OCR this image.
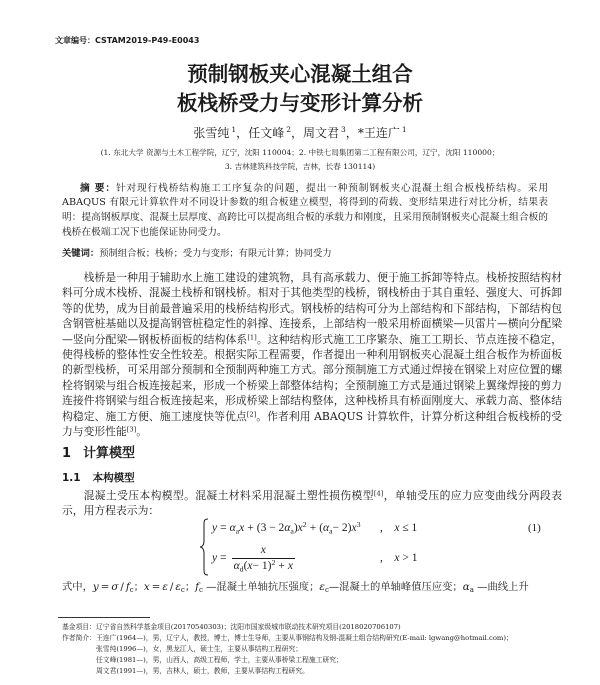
文章编号：CSTAM2019-P49-E0043
预制钢板夹心混凝土组合
板栈桥受力与变形计算分析
张雪纯 $^1$，任文峰 $^2$，周文君 $^3$，*王连广 $^1$
(1. 东北大学 资源与土木工程学院，辽宁，沈阳 110004；2. 中铁七局集团第二工程有限公司，辽宁，沈阳 110000；
3. 吉林建筑科技学院，吉林，长春 130114)
摘 要：针对现行栈桥结构施工工序复杂的问题，提出一种预制钢板夹心混凝土组合板栈桥结构。采用 ABAQUS 有限元计算软件对不同设计参数的组合板建立模型，将得到的荷载、变形结果进行对比分析，结果表明：提高钢板厚度、混凝土层厚度、高跨比可以提高组合板的承载力和刚度，且采用预制钢板夹心混凝土组合板的栈桥在极端工况下也能保证协同受力。
关键词：预制组合板；栈桥；受力与变形；有限元计算；协同受力

栈桥是一种用于辅助水上施工建设的建筑物，具有高承载力、便于施工拆卸等特点。栈桥按照结构材料可分成木栈桥、混凝土栈桥和钢栈桥。相对于其他类型的栈桥，钢栈桥由于其自重轻、强度大、可拆卸等的优势，成为目前最普遍采用的栈桥结构形式。钢栈桥的结构可分为上部结构和下部结构，下部结构包含钢管桩基础以及提高钢管桩稳定性的斜撑、连接系，上部结构一般采用桥面横梁—贝雷片—横向分配梁—竖向分配梁—钢板桥面板的结构体系[1]。这种结构形式施工工序繁杂、施工工期长、节点连接不稳定，使得栈桥的整体性安全性较差。根据实际工程需要，作者提出一种利用钢板夹心混凝土组合板作为桥面板的新型栈桥，可采用部分预制和全预制两种施工方式。部分预制施工方式通过焊接在钢梁上对应位置的螺栓将钢梁与组合板连接起来，形成一个桥梁上部整体结构；全预制施工方式是通过钢梁上翼缘焊接的剪力连接件将钢梁与组合板连接起来，形成桥梁上部结构整体，这种栈桥具有桥面刚度大、承载力高、整体结构稳定、施工方便、施工速度快等优点[2]。作者利用 ABAQUS 计算软件，计算分析这种组合板栈桥的受力与变形性能[3]。

1 计算模型
1.1 本构模型

混凝土受压本构模型。混凝土材料采用混凝土塑性损伤模型[4]，单轴受压的应力应变曲线分两段表示，用方程表示为：

$y = \alpha_ax + (3 - 2\alpha_a)x^2 + (\alpha_a- 2)x^3$ ,  x ≤ 1
$y = \frac{x}{\alpha_d(x- 1)^2 + x}$	,  x > 1
(1)
式中，$y = \sigma / f_c$；$x = \varepsilon / \varepsilon_c$；$f_c$ —混凝土单轴抗压强度；$\varepsilon_c—$混凝土的单轴峰值压应变；$\alpha_a$ —曲线上升
基金项目：辽宁省自然科学基金项目(20170540303)；沈阳市国家级城市联动技术研究项目(2018020706107)
作者简介：王连广(1964—)，男，辽宁人，教授，博士，博士生导师，主要从事钢结构及钢-混凝土组合结构研究(E-mail: lgwang@hotmail.com)；
张雪纯(1996—)，女，黑龙江人，硕士生，主要从事结构工程研究；
任文峰(1981—)，男，山西人，高级工程师，学士，主要从事桥梁工程施工研究；
周文君(1991—)，男，吉林人，硕士，教师，主要从事结构工程研究。
